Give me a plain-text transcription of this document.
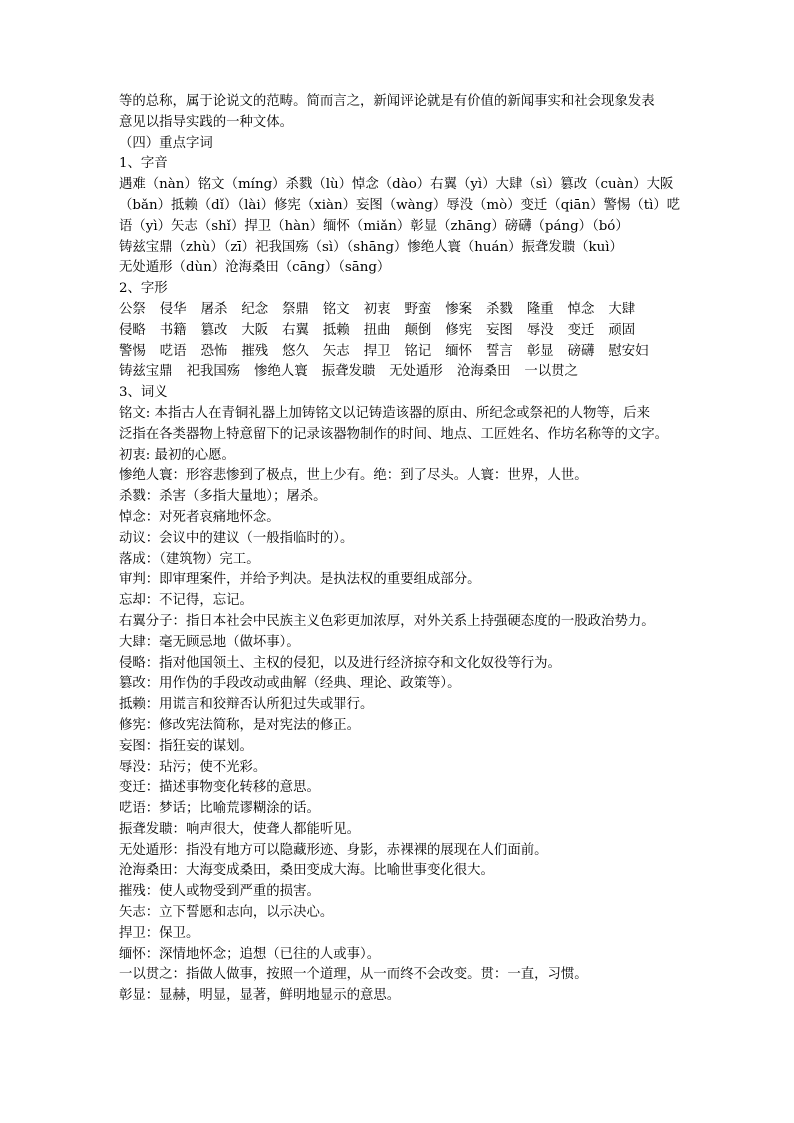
等的总称，属于论说文的范畴。简而言之，新闻评论就是有价值的新闻事实和社会现象发表
意见以指导实践的一种文体。
（四）重点字词
1、字音
遇难（nàn）铭文（míng）杀戮（lù）悼念（dào）右翼（yì）大肆（sì）篡改（cuàn）大阪
（bǎn）抵赖（dǐ）（lài）修宪（xiàn）妄图（wàng）辱没（mò）变迁（qiān）警惕（tì）呓
语（yì）矢志（shǐ）捍卫（hàn）缅怀（miǎn）彰显（zhāng）磅礴（páng）（bó）
铸兹宝鼎（zhù）（zī）祀我国殇（sì）（shāng）惨绝人寰（huán）振聋发聩（kuì）
无处遁形（dùn）沧海桑田（cāng）（sāng）
2、字形
公祭 侵华 屠杀 纪念 祭鼎 铭文 初衷 野蛮 惨案 杀戮 隆重 悼念 大肆
侵略 书籍 篡改 大阪 右翼 抵赖 扭曲 颠倒 修宪 妄图 辱没 变迁 顽固
警惕 呓语 恐怖 摧残 悠久 矢志 捍卫 铭记 缅怀 誓言 彰显 磅礴 慰安妇
铸兹宝鼎 祀我国殇 惨绝人寰 振聋发聩 无处遁形 沧海桑田 一以贯之
3、词义
铭文: 本指古人在青铜礼器上加铸铭文以记铸造该器的原由、所纪念或祭祀的人物等，后来
泛指在各类器物上特意留下的记录该器物制作的时间、地点、工匠姓名、作坊名称等的文字。
初衷: 最初的心愿。
惨绝人寰：形容悲惨到了极点，世上少有。绝：到了尽头。人寰：世界，人世。
杀戮：杀害（多指大量地）；屠杀。
悼念：对死者哀痛地怀念。
动议：会议中的建议（一般指临时的）。
落成：（建筑物）完工。
审判：即审理案件，并给予判决。是执法权的重要组成部分。
忘却：不记得，忘记。
右翼分子：指日本社会中民族主义色彩更加浓厚，对外关系上持强硬态度的一股政治势力。
大肆：毫无顾忌地（做坏事）。
侵略：指对他国领土、主权的侵犯，以及进行经济掠夺和文化奴役等行为。
篡改：用作伪的手段改动或曲解（经典、理论、政策等）。
抵赖：用谎言和狡辩否认所犯过失或罪行。
修宪：修改宪法简称，是对宪法的修正。
妄图：指狂妄的谋划。
辱没：玷污；使不光彩。
变迁：描述事物变化转移的意思。
呓语：梦话；比喻荒谬糊涂的话。
振聋发聩：响声很大，使聋人都能听见。
无处遁形：指没有地方可以隐藏形迹、身影，赤裸裸的展现在人们面前。
沧海桑田：大海变成桑田，桑田变成大海。比喻世事变化很大。
摧残：使人或物受到严重的损害。
矢志：立下誓愿和志向，以示决心。
捍卫：保卫。
缅怀：深情地怀念；追想（已往的人或事）。
一以贯之：指做人做事，按照一个道理，从一而终不会改变。贯：一直，习惯。
彰显：显赫，明显，显著，鲜明地显示的意思。
